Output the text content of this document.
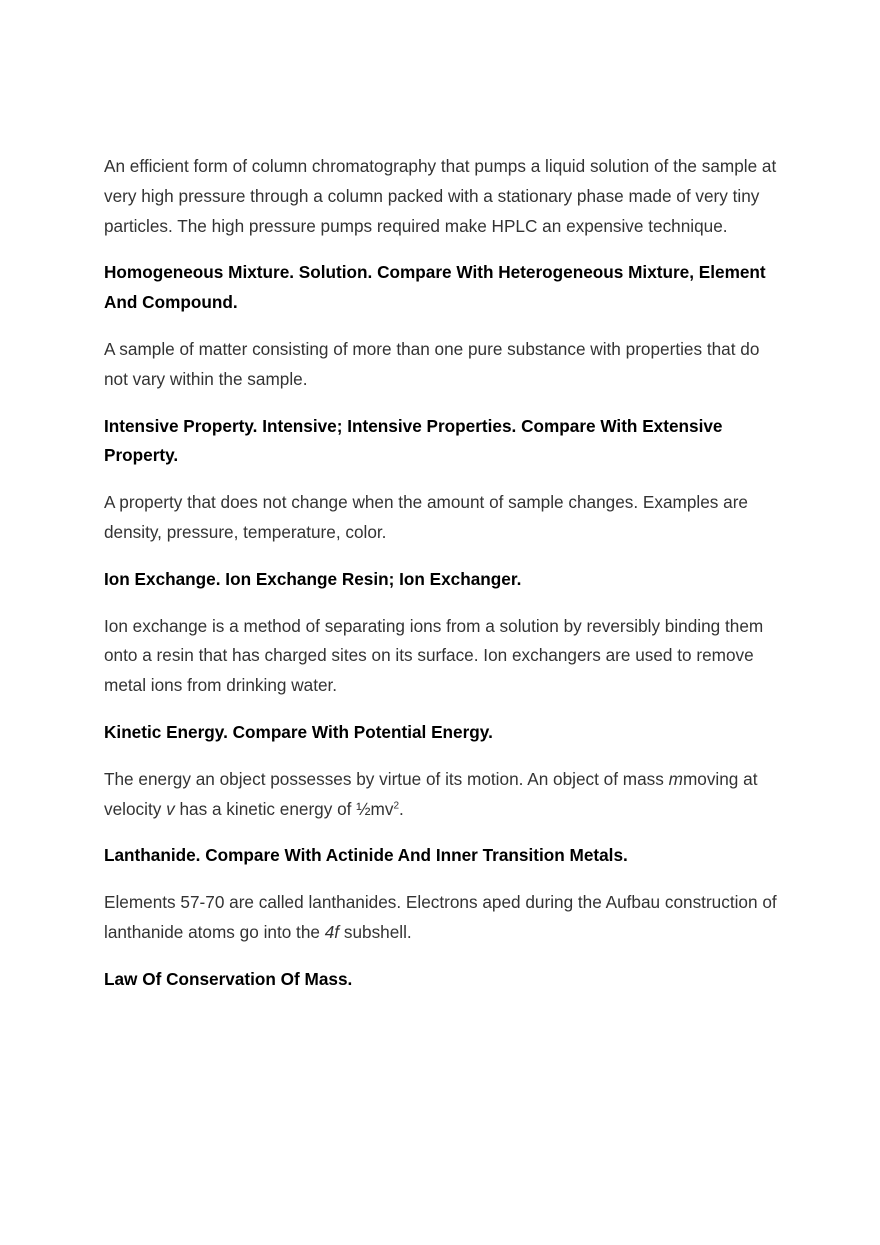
An efficient form of column chromatography that pumps a liquid solution of the sample at very high pressure through a column packed with a stationary phase made of very tiny particles. The high pressure pumps required make HPLC an expensive technique.

Homogeneous Mixture. Solution. Compare With Heterogeneous Mixture, Element And Compound.

A sample of matter consisting of more than one pure substance with properties that do not vary within the sample.

Intensive Property. Intensive; Intensive Properties. Compare With Extensive Property.

A property that does not change when the amount of sample changes. Examples are density, pressure, temperature, color.

Ion Exchange. Ion Exchange Resin; Ion Exchanger.

Ion exchange is a method of separating ions from a solution by reversibly binding them onto a resin that has charged sites on its surface. Ion exchangers are used to remove metal ions from drinking water.

Kinetic Energy. Compare With Potential Energy.

The energy an object possesses by virtue of its motion. An object of mass mmoving at velocity v has a kinetic energy of $\frac{1}{2}mv^2$.

Lanthanide. Compare With Actinide And Inner Transition Metals.

Elements 57-70 are called lanthanides. Electrons aped during the Aufbau construction of lanthanide atoms go into the 4f subshell.

Law Of Conservation Of Mass.
